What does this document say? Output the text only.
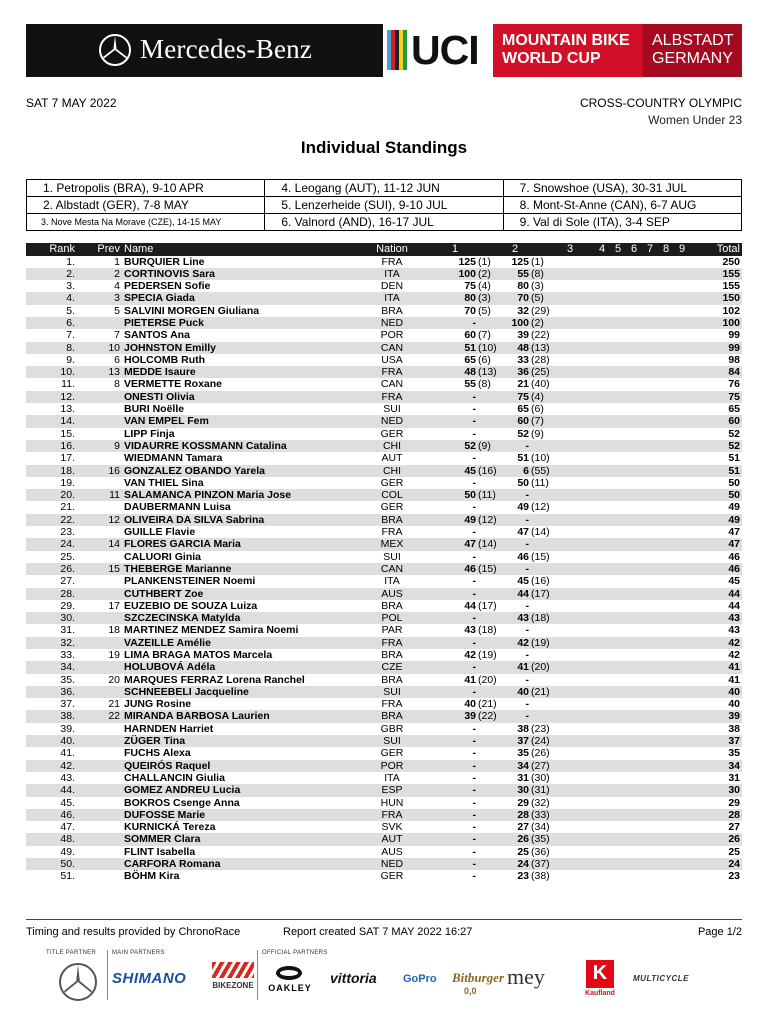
Mercedes-Benz UCI MOUNTAIN BIKE
WORLD CUP
ALBSTADT
GERMANY
SAT 7 MAY 2022	CROSS-COUNTRY OLYMPIC
Women Under 23
Individual Standings
1. Petropolis (BRA), 9-10 APR	4. Leogang (AUT), 11-12 JUN	7. Snowshoe (USA), 30-31 JUL
2. Albstadt (GER), 7-8 MAY	5. Lenzerheide (SUI), 9-10 JUL	8. Mont-St-Anne (CAN), 6-7 AUG
3. Nove Mesta Na Morave (CZE), 14-15 MAY	6. Valnord (AND), 16-17 JUL	9. Val di Sole (ITA), 3-4 SEP
Rank	Prev Name	Nation	1	2	3 4 5 6 7 8 9	Total
1.	1 BURQUIER Line	FRA	125 (1)	125 (1)	250
2.	2 CORTINOVIS Sara	ITA	100 (2)	55 (8)	155
3.	4 PEDERSEN Sofie	DEN	75 (4)	80 (3)	155
4.	3 SPECIA Giada	ITA	80 (3)	70 (5)	150
5.	5 SALVINI MORGEN Giuliana	BRA	70 (5)	32 (29)	102
6.	PIETERSE Puck	NED	-	100 (2)	100
7.	7 SANTOS Ana	POR	60 (7)	39 (22)	99
8.	10 JOHNSTON Emilly	CAN	51 (10)	48 (13)	99
9.	6 HOLCOMB Ruth	USA	65 (6)	33 (28)	98
10.	13 MEDDE Isaure	FRA	48 (13)	36 (25)	84
11.	8 VERMETTE Roxane	CAN	55 (8)	21 (40)	76
12.	ONESTI Olivia	FRA	-	75 (4)	75
13.	BURI Noëlle	SUI	-	65 (6)	65
14.	VAN EMPEL Fem	NED	-	60 (7)	60
15.	LIPP Finja	GER	-	52 (9)	52
16.	9 VIDAURRE KOSSMANN Catalina	CHI	52 (9)	-	52
17.	WIEDMANN Tamara	AUT	-	51 (10)	51
18.	16 GONZALEZ OBANDO Yarela	CHI	45 (16)	6 (55)	51
19.	VAN THIEL Sina	GER	-	50 (11)	50
20.	11 SALAMANCA PINZON Maria Jose	COL	50 (11)	-	50
21.	DAUBERMANN Luisa	GER	-	49 (12)	49
22.	12 OLIVEIRA DA SILVA Sabrina	BRA	49 (12)	-	49
23.	GUILLE Flavie	FRA	-	47 (14)	47
24.	14 FLORES GARCIA Maria	MEX	47 (14)	-	47
25.	CALUORI Ginia	SUI	-	46 (15)	46
26.	15 THEBERGE Marianne	CAN	46 (15)	-	46
27.	PLANKENSTEINER Noemi	ITA	-	45 (16)	45
28.	CUTHBERT Zoe	AUS	-	44 (17)	44
29.	17 EUZEBIO DE SOUZA Luiza	BRA	44 (17)	-	44
30.	SZCZECINSKA Matylda	POL	-	43 (18)	43
31.	18 MARTINEZ MENDEZ Samira Noemi	PAR	43 (18)	-	43
32.	VAZEILLE Amélie	FRA	-	42 (19)	42
33.	19 LIMA BRAGA MATOS Marcela	BRA	42 (19)	-	42
34.	HOLUBOVÁ Adéla	CZE	-	41 (20)	41
35.	20 MARQUES FERRAZ Lorena Ranchel	BRA	41 (20)	-	41
36.	SCHNEEBELI Jacqueline	SUI	-	40 (21)	40
37.	21 JUNG Rosine	FRA	40 (21)	-	40
38.	22 MIRANDA BARBOSA Laurien	BRA	39 (22)	-	39
39.	HARNDEN Harriet	GBR	-	38 (23)	38
40.	ZÜGER Tina	SUI	-	37 (24)	37
41.	FUCHS Alexa	GER	-	35 (26)	35
42.	QUEIRÓS Raquel	POR	-	34 (27)	34
43.	CHALLANCIN Giulia	ITA	-	31 (30)	31
44.	GOMEZ ANDREU Lucia	ESP	-	30 (31)	30
45.	BOKROS Csenge Anna	HUN	-	29 (32)	29
46.	DUFOSSE Marie	FRA	-	28 (33)	28
47.	KURNICKÁ Tereza	SVK	-	27 (34)	27
48.	SOMMER Clara	AUT	-	26 (35)	26
49.	FLINT Isabella	AUS	-	25 (36)	25
50.	CARFORA Romana	NED	-	24 (37)	24
51.	BÖHM Kira	GER	-	23 (38)	23
Timing and results provided by ChronoRace	Report created SAT 7 MAY 2022 16:27	Page 1/2
TITLE PARTNER	MAIN PARTNERS	OFFICIAL PARTNERS
SHIMANO	BIKEZONE	OAKLEY
vittoria GoPro Bitburger
0,0
mey	K
Kaufland
MULTICYCLE
